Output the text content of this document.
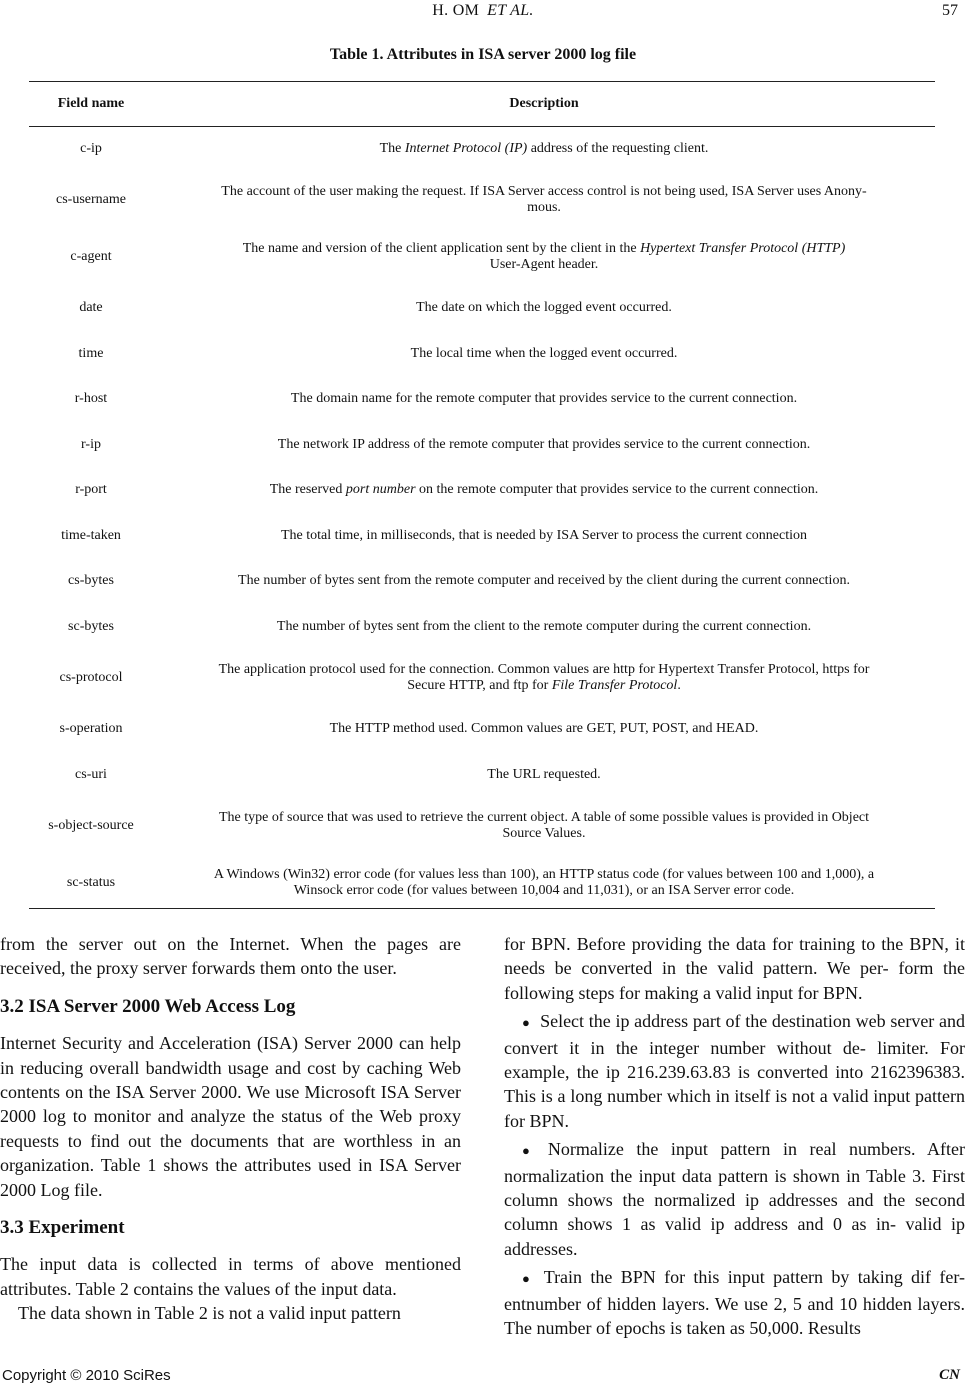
H. OM ET AL.	57
Table 1. Attributes in ISA server 2000 log file
Field name	Description
c-ip	The Internet Protocol (IP) address of the requesting client.
cs-username	The account of the user making the request. If ISA Server access control is not being used, ISA Server uses Anony-
mous.
c-agent	The name and version of the client application sent by the client in the Hypertext Transfer Protocol (HTTP)
User-Agent header.
date	The date on which the logged event occurred.
time	The local time when the logged event occurred.
r-host	The domain name for the remote computer that provides service to the current connection.
r-ip	The network IP address of the remote computer that provides service to the current connection.
r-port	The reserved port number on the remote computer that provides service to the current connection.
time-taken	The total time, in milliseconds, that is needed by ISA Server to process the current connection
cs-bytes	The number of bytes sent from the remote computer and received by the client during the current connection.
sc-bytes	The number of bytes sent from the client to the remote computer during the current connection.
cs-protocol	The application protocol used for the connection. Common values are http for Hypertext Transfer Protocol, https for
Secure HTTP, and ftp for File Transfer Protocol.
s-operation	The HTTP method used. Common values are GET, PUT, POST, and HEAD.
cs-uri	The URL requested.
s-object-source	The type of source that was used to retrieve the current object. A table of some possible values is provided in Object
Source Values.
sc-status	A Windows (Win32) error code (for values less than 100), an HTTP status code (for values between 100 and 1,000), a
Winsock error code (for values between 10,004 and 11,031), or an ISA Server error code.

from the server out on the Internet. When the pages are received, the proxy server forwards them onto the user.

3.2 ISA Server 2000 Web Access Log

Internet Security and Acceleration (ISA) Server 2000 can help in reducing overall bandwidth usage and cost by caching Web contents on the ISA Server 2000. We use Microsoft ISA Server 2000 log to monitor and analyze the status of the Web proxy requests to find out the documents that are worthless in an organization. Table 1 shows the attributes used in ISA Server 2000 Log file.

3.3 Experiment

The input data is collected in terms of above mentioned attributes. Table 2 contains the values of the input data.

The data shown in Table 2 is not a valid input pattern

for BPN. Before providing the data for training to the BPN, it needs be converted in the valid pattern. We per- form the following steps for making a valid input for BPN.

● Select the ip address part of the destination web server and convert it in the integer number without de- limiter. For example, the ip 216.239.63.83 is converted into 2162396383. This is a long number which in itself is not a valid input pattern for BPN.

● Normalize the input pattern in real numbers. After normalization the input data pattern is shown in Table 3. First column shows the normalized ip addresses and the second column shows 1 as valid ip address and 0 as in- valid ip addresses.

● Train the BPN for this input pattern by taking dif fer- entnumber of hidden layers. We use 2, 5 and 10 hidden layers. The number of epochs is taken as 50,000. Results

Copyright © 2010 SciRes	CN
